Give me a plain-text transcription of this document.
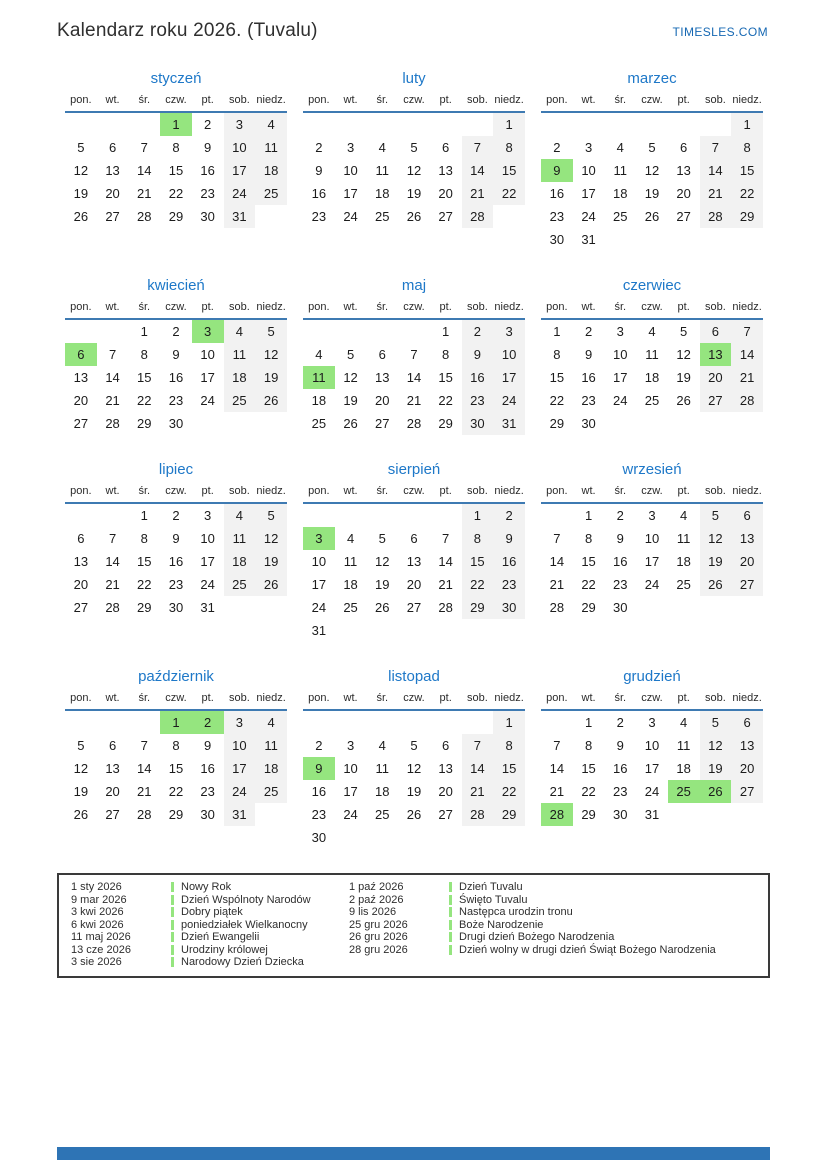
Kalendarz roku 2026. (Tuvalu)	TIMESLES.COM
styczeń
pon.	wt.	śr.	czw.	pt.	sob.	niedz.
			1	2	3	4
5	6	7	8	9	10	11
12	13	14	15	16	17	18
19	20	21	22	23	24	25
26	27	28	29	30	31	
luty
pon.	wt.	śr.	czw.	pt.	sob.	niedz.
						1
2	3	4	5	6	7	8
9	10	11	12	13	14	15
16	17	18	19	20	21	22
23	24	25	26	27	28	
marzec
pon.	wt.	śr.	czw.	pt.	sob.	niedz.
						1
2	3	4	5	6	7	8
9	10	11	12	13	14	15
16	17	18	19	20	21	22
23	24	25	26	27	28	29
30	31					
kwiecień
pon.	wt.	śr.	czw.	pt.	sob.	niedz.
		1	2	3	4	5
6	7	8	9	10	11	12
13	14	15	16	17	18	19
20	21	22	23	24	25	26
27	28	29	30			
maj
pon.	wt.	śr.	czw.	pt.	sob.	niedz.
				1	2	3
4	5	6	7	8	9	10
11	12	13	14	15	16	17
18	19	20	21	22	23	24
25	26	27	28	29	30	31
czerwiec
pon.	wt.	śr.	czw.	pt.	sob.	niedz.
1	2	3	4	5	6	7
8	9	10	11	12	13	14
15	16	17	18	19	20	21
22	23	24	25	26	27	28
29	30					
lipiec
pon.	wt.	śr.	czw.	pt.	sob.	niedz.
		1	2	3	4	5
6	7	8	9	10	11	12
13	14	15	16	17	18	19
20	21	22	23	24	25	26
27	28	29	30	31		
sierpień
pon.	wt.	śr.	czw.	pt.	sob.	niedz.
					1	2
3	4	5	6	7	8	9
10	11	12	13	14	15	16
17	18	19	20	21	22	23
24	25	26	27	28	29	30
31						
wrzesień
pon.	wt.	śr.	czw.	pt.	sob.	niedz.
	1	2	3	4	5	6
7	8	9	10	11	12	13
14	15	16	17	18	19	20
21	22	23	24	25	26	27
28	29	30				
październik
pon.	wt.	śr.	czw.	pt.	sob.	niedz.
			1	2	3	4
5	6	7	8	9	10	11
12	13	14	15	16	17	18
19	20	21	22	23	24	25
26	27	28	29	30	31	
listopad
pon.	wt.	śr.	czw.	pt.	sob.	niedz.
						1
2	3	4	5	6	7	8
9	10	11	12	13	14	15
16	17	18	19	20	21	22
23	24	25	26	27	28	29
30						
grudzień
pon.	wt.	śr.	czw.	pt.	sob.	niedz.
	1	2	3	4	5	6
7	8	9	10	11	12	13
14	15	16	17	18	19	20
21	22	23	24	25	26	27
28	29	30	31			
1 sty 2026	Nowy Rok
9 mar 2026	Dzień Wspólnoty Narodów
3 kwi 2026	Dobry piątek
6 kwi 2026	poniedziałek Wielkanocny
11 maj 2026	Dzień Ewangelii
13 cze 2026	Urodziny królowej
3 sie 2026	Narodowy Dzień Dziecka
1 paź 2026	Dzień Tuvalu
2 paź 2026	Święto Tuvalu
9 lis 2026	Następca urodzin tronu
25 gru 2026	Boże Narodzenie
26 gru 2026	Drugi dzień Bożego Narodzenia
28 gru 2026	Dzień wolny w drugi dzień Świąt Bożego Narodzenia
